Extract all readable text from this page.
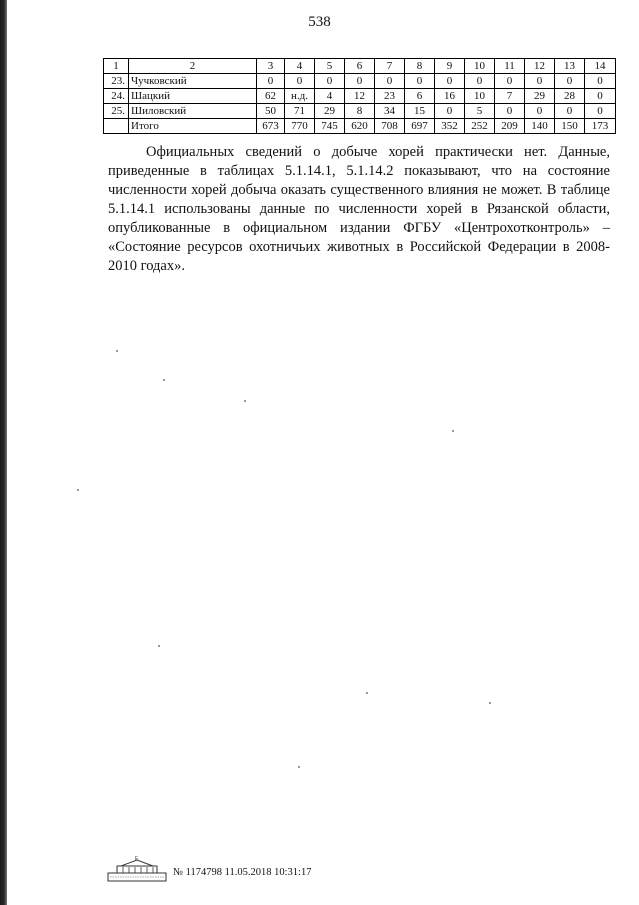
538
1	2	3	4	5	6	7	8	9	10	11	12	13	14
23.	Чучковский	0	0	0	0	0	0	0	0	0	0	0	0
24.	Шацкий	62	н.д.	4	12	23	6	16	10	7	29	28	0
25.	Шиловский	50	71	29	8	34	15	0	5	0	0	0	0
	Итого	673	770	745	620	708	697	352	252	209	140	150	173
Официальных сведений о добыче хорей практически нет. Данные, приведенные в таблицах 5.1.14.1, 5.1.14.2 показывают, что на состояние численности хорей добыча оказать существенного влияния не может. В таблице 5.1.14.1 использованы данные по численности хорей в Рязанской области, опубликованные в официальном издании ФГБУ «Центрохотконтроль» – «Состояние ресурсов охотничьих животных в Российской Федерации в 2008-2010 годах».
E
№ 1174798 11.05.2018 10:31:17
